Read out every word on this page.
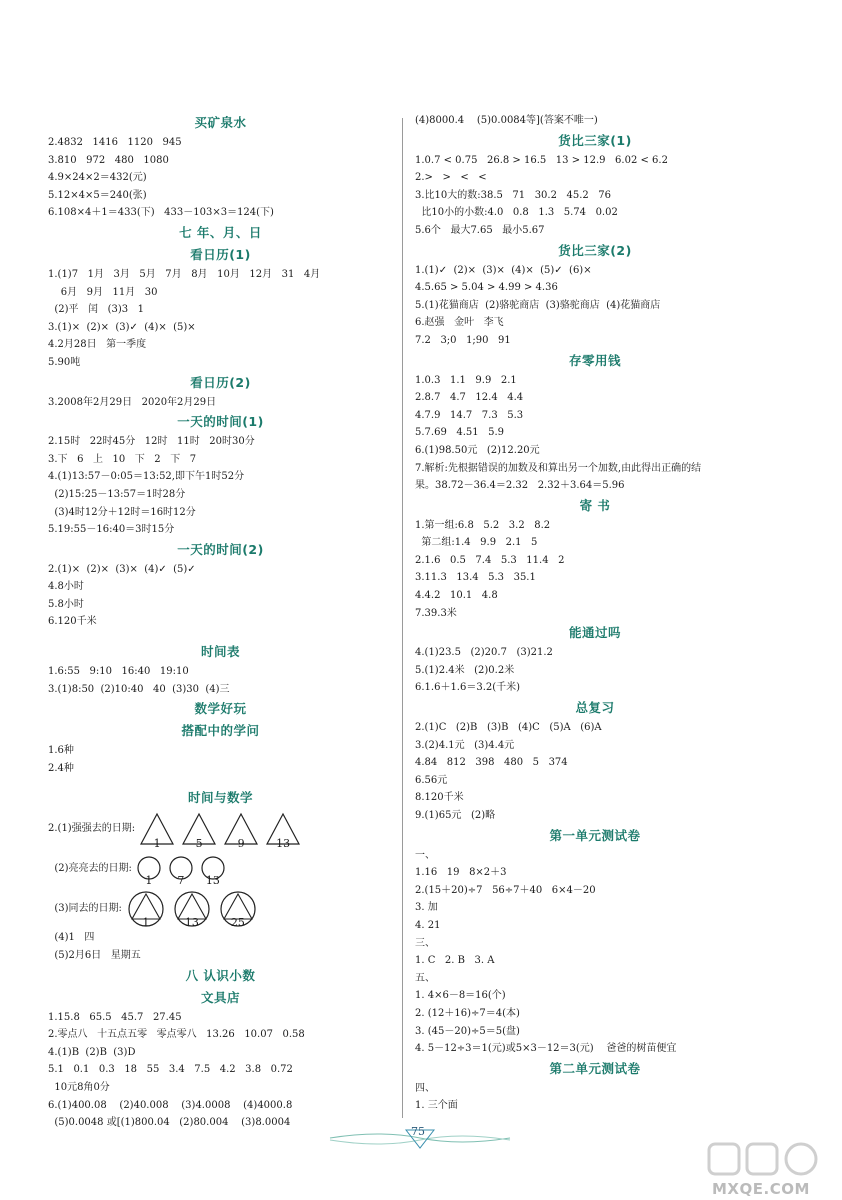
买矿泉水
2.4832   1416   1120   945
3.810   972   480   1080
4.9×24×2＝432(元)
5.12×4×5＝240(张)
6.108×4＋1＝433(下)   433－103×3＝124(下)
七 年、月、日
看日历(1)
1.(1)7   1月   3月   5月   7月   8月   10月   12月   31   4月
6月   9月   11月   30
(2)平   闰   (3)3   1
3.(1)×  (2)×  (3)✓  (4)×  (5)×
4.2月28日   第一季度
5.90吨
看日历(2)
3.2008年2月29日   2020年2月29日
一天的时间(1)
2.15时   22时45分   12时   11时   20时30分
3.下   6   上   10   下   2   下   7
4.(1)13:57－0:05＝13:52,即下午1时52分
(2)15:25－13:57＝1时28分
(3)4时12分＋12时＝16时12分
5.19:55－16:40＝3时15分
一天的时间(2)
2.(1)×  (2)×  (3)×  (4)✓  (5)✓
4.8小时
5.8小时
6.120千米
时间表
1.6:55   9:10   16:40   19:10
3.(1)8:50  (2)10:40   40  (3)30  (4)三
数学好玩
搭配中的学问
1.6种
2.4种
时间与数学
2.(1)强强去的日期:
1	5	9	13
(2)亮亮去的日期:
1	7	13
(3)同去的日期:
1	13	25
(4)1   四
(5)2月6日   星期五
八 认识小数
文具店
1.15.8   65.5   45.7   27.45
2.零点八   十五点五零   零点零八   13.26   10.07   0.58
4.(1)B  (2)B  (3)D
5.1   0.1   0.3   18   55   3.4   7.5   4.2   3.8   0.72
10元8角0分
6.(1)400.08    (2)40.008    (3)4.0008    (4)4000.8
(5)0.0048 或[(1)800.04   (2)80.004    (3)8.0004
(4)8000.4    (5)0.0084等](答案不唯一)
货比三家(1)
1.0.7 < 0.75   26.8 > 16.5   13 > 12.9   6.02 < 6.2
2.>   >   <   <
3.比10大的数:38.5   71   30.2   45.2   76
比10小的小数:4.0   0.8   1.3   5.74   0.02
5.6个   最大7.65   最小5.67
货比三家(2)
1.(1)✓  (2)×  (3)×  (4)×  (5)✓  (6)×
4.5.65 > 5.04 > 4.99 > 4.36
5.(1)花猫商店  (2)骆驼商店  (3)骆驼商店  (4)花猫商店
6.赵强   金叶   李飞
7.2   3;0   1;90   91
存零用钱
1.0.3   1.1   9.9   2.1
2.8.7   4.7   12.4   4.4
4.7.9   14.7   7.3   5.3
5.7.69   4.51   5.9
6.(1)98.50元   (2)12.20元
7.解析:先根据错误的加数及和算出另一个加数,由此得出正确的结
果。38.72－36.4＝2.32   2.32＋3.64＝5.96
寄 书
1.第一组:6.8   5.2   3.2   8.2
第二组:1.4   9.9   2.1   5
2.1.6   0.5   7.4   5.3   11.4   2
3.11.3   13.4   5.3   35.1
4.4.2   10.1   4.8
7.39.3米
能通过吗
4.(1)23.5   (2)20.7   (3)21.2
5.(1)2.4米   (2)0.2米
6.1.6＋1.6＝3.2(千米)
总复习
2.(1)C   (2)B   (3)B   (4)C   (5)A   (6)A
3.(2)4.1元   (3)4.4元
4.84   812   398   480   5   374
6.56元
8.120千米
9.(1)65元   (2)略
第一单元测试卷
一、
1.16   19   8×2＋3
2.(15＋20)÷7   56÷7＋40   6×4－20
3. 加
4. 21
三、
1. C   2. B   3. A
五、
1. 4×6－8＝16(个)
2. (12＋16)÷7＝4(本)
3. (45－20)÷5＝5(盘)
4. 5－12÷3＝1(元)或5×3－12＝3(元)    爸爸的树苗便宜
第二单元测试卷
四、
1. 三个面
75
MXQE.COM
